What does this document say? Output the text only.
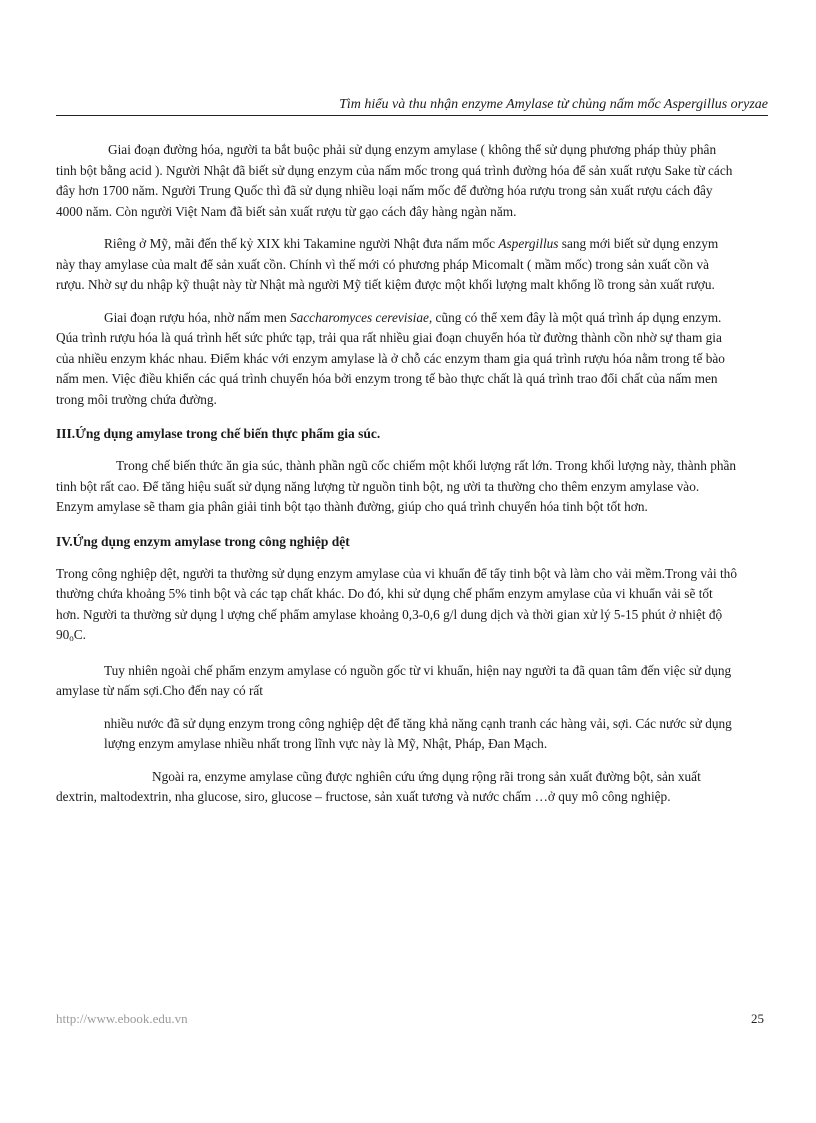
Tìm hiểu và thu nhận enzyme Amylase từ chủng nấm mốc Aspergillus oryzae

Giai đoạn đường hóa, người ta bắt buộc phải sử dụng enzym amylase ( không thể sử dụng phương pháp thủy phân tinh bột bằng acid ). Người Nhật đã biết sử dụng enzym của nấm mốc trong quá trình đường hóa để sản xuất rượu Sake từ cách đây hơn 1700 năm. Người Trung Quốc thì đã sử dụng nhiều loại nấm mốc để đường hóa rượu trong sản xuất rượu cách đây 4000 năm. Còn người Việt Nam đã biết sản xuất rượu từ gạo cách đây hàng ngàn năm.

Riêng ở Mỹ, mãi đến thế kỷ XIX khi Takamine người Nhật đưa nấm mốc Aspergillus sang mới biết sử dụng enzym này thay amylase của malt để sản xuất cồn. Chính vì thế mới có phương pháp Micomalt ( mầm mốc) trong sản xuất cồn và rượu. Nhờ sự du nhập kỹ thuật này từ Nhật mà người Mỹ tiết kiệm được một khối lượng malt khổng lồ trong sản xuất rượu.

Giai đoạn rượu hóa, nhờ nấm men Saccharomyces cerevisiae, cũng có thể xem đây là một quá trình áp dụng enzym. Qúa trình rượu hóa là quá trình hết sức phức tạp, trải qua rất nhiều giai đoạn chuyển hóa từ đường thành cồn nhờ sự tham gia của nhiều enzym khác nhau. Điểm khác với enzym amylase là ở chỗ các enzym tham gia quá trình rượu hóa nằm trong tế bào nấm men. Việc điều khiển các quá trình chuyển hóa bởi enzym trong tế bào thực chất là quá trình trao đổi chất của nấm men trong môi trường chứa đường.

III.Ứng dụng amylase trong chế biến thực phẩm gia súc.

Trong chế biến thức ăn gia súc, thành phần ngũ cốc chiếm một khối lượng rất lớn. Trong khối lượng này, thành phần tinh bột rất cao. Để tăng hiệu suất sử dụng năng lượng từ nguồn tinh bột, ng ười ta thường cho thêm enzym amylase vào. Enzym amylase sẽ tham gia phân giải tinh bột tạo thành đường, giúp cho quá trình chuyển hóa tinh bột tốt hơn.

IV.Ứng dụng enzym amylase trong công nghiệp dệt

Trong công nghiệp dệt, người ta thường sử dụng enzym amylase của vi khuẩn để tẩy tinh bột và làm cho vải mềm.Trong vải thô thường chứa khoảng 5% tinh bột và các tạp chất khác. Do đó, khi sử dụng chế phẩm enzym amylase của vi khuẩn vải sẽ tốt hơn. Người ta thường sử dụng l ượng chế phẩm amylase khoảng 0,3-0,6 g/l dung dịch và thời gian xử lý 5-15 phút ở nhiệt độ $90_oC$.

Tuy nhiên ngoài chế phẩm enzym amylase có nguồn gốc từ vi khuẩn, hiện nay người ta đã quan tâm đến việc sử dụng amylase từ nấm sợi.Cho đến nay có rất

nhiều nước đã sử dụng enzym trong công nghiệp dệt để tăng khả năng cạnh tranh các hàng vải, sợi. Các nước sử dụng lượng enzym amylase nhiều nhất trong lĩnh vực này là Mỹ, Nhật, Pháp, Đan Mạch.

Ngoài ra, enzyme amylase cũng được nghiên cứu ứng dụng rộng rãi trong sản xuất đường bột, sản xuất dextrin, maltodextrin, nha glucose, siro, glucose – fructose, sản xuất tương và nước chấm …ở quy mô công nghiệp.

http://www.ebook.edu.vn	25
